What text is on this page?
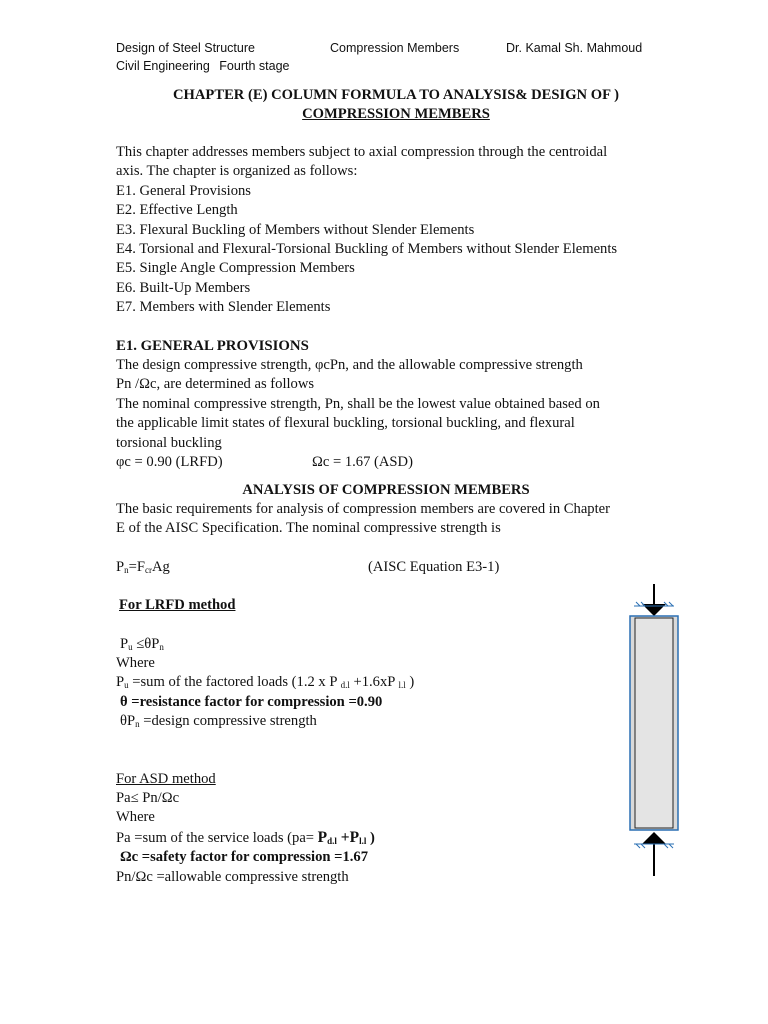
Design of Steel Structure	Compression Members	Dr. Kamal Sh. Mahmoud
Civil Engineering Fourth stage
CHAPTER (E) COLUMN FORMULA TO ANALYSIS& DESIGN OF )
COMPRESSION MEMBERS
This chapter addresses members subject to axial compression through the centroidal
axis. The chapter is organized as follows:
E1. General Provisions
E2. Effective Length
E3. Flexural Buckling of Members without Slender Elements
E4. Torsional and Flexural-Torsional Buckling of Members without Slender Elements
E5. Single Angle Compression Members
E6. Built-Up Members
E7. Members with Slender Elements
E1. GENERAL PROVISIONS
The design compressive strength, φcPn, and the allowable compressive strength
Pn /Ωc, are determined as follows
The nominal compressive strength, Pn, shall be the lowest value obtained based on
the applicable limit states of flexural buckling, torsional buckling, and flexural
torsional buckling
φc = 0.90 (LRFD)	Ωc = 1.67 (ASD)
ANALYSIS OF COMPRESSION MEMBERS
The basic requirements for analysis of compression members are covered in Chapter
E of the AISC Specification. The nominal compressive strength is
$P_n=F_{cr}Ag$	(AISC Equation E3-1)
For LRFD method
$P_u \le\theta P_n$
Where
$P_u =sum$ of the factored loads (1.2 x P $_{d.l}$ +1.6xP $_{l.l}$ )
θ =resistance factor for compression =0.90
$\theta P_n$ =design compressive strength
For ASD method
Pa≤ Pn/Ωc
Where
Pa =sum of the service loads ($pa= P_{d.l} +P_{l.l}$ )
Ωc =safety factor for compression =1.67
Pn/Ωc =allowable compressive strength
